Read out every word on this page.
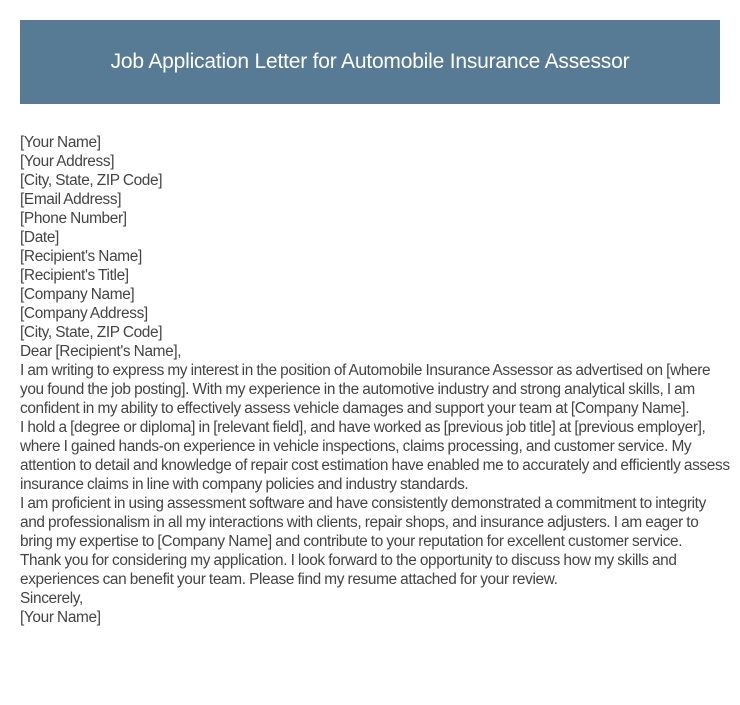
Job Application Letter for Automobile Insurance Assessor
[Your Name]
[Your Address]
[City, State, ZIP Code]
[Email Address]
[Phone Number]
[Date]
[Recipient's Name]
[Recipient's Title]
[Company Name]
[Company Address]
[City, State, ZIP Code]
Dear [Recipient's Name],

I am writing to express my interest in the position of Automobile Insurance Assessor as advertised on [where you found the job posting]. With my experience in the automotive industry and strong analytical skills, I am confident in my ability to effectively assess vehicle damages and support your team at [Company Name].

I hold a [degree or diploma] in [relevant field], and have worked as [previous job title] at [previous employer], where I gained hands-on experience in vehicle inspections, claims processing, and customer service. My attention to detail and knowledge of repair cost estimation have enabled me to accurately and efficiently assess insurance claims in line with company policies and industry standards.

I am proficient in using assessment software and have consistently demonstrated a commitment to integrity and professionalism in all my interactions with clients, repair shops, and insurance adjusters. I am eager to bring my expertise to [Company Name] and contribute to your reputation for excellent customer service.

Thank you for considering my application. I look forward to the opportunity to discuss how my skills and experiences can benefit your team. Please find my resume attached for your review.

Sincerely,
[Your Name]
